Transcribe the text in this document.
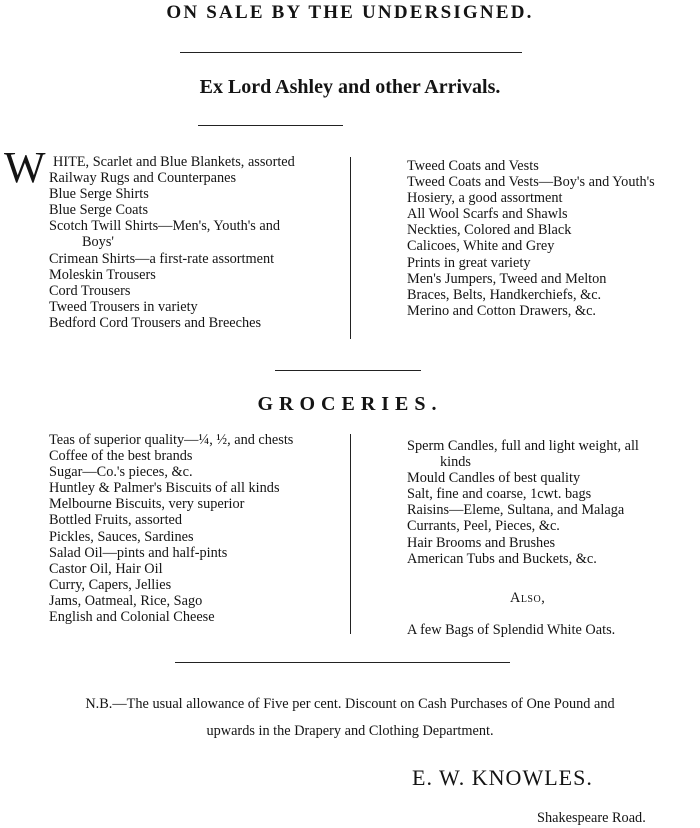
ON SALE BY THE UNDERSIGNED.
Ex Lord Ashley and other Arrivals.
W HITE, Scarlet and Blue Blankets, assorted
Railway Rugs and Counterpanes
Blue Serge Shirts
Blue Serge Coats
Scotch Twill Shirts—Men's, Youth's and
Boys'
Crimean Shirts—a first-rate assortment
Moleskin Trousers
Cord Trousers
Tweed Trousers in variety
Bedford Cord Trousers and Breeches
Tweed Coats and Vests
Tweed Coats and Vests—Boy's and Youth's
Hosiery, a good assortment
All Wool Scarfs and Shawls
Neckties, Colored and Black
Calicoes, White and Grey
Prints in great variety
Men's Jumpers, Tweed and Melton
Braces, Belts, Handkerchiefs, &c.
Merino and Cotton Drawers, &c.
GROCERIES.
Teas of superior quality—¼, ½, and chests
Coffee of the best brands
Sugar—Co.'s pieces, &c.
Huntley & Palmer's Biscuits of all kinds
Melbourne Biscuits, very superior
Bottled Fruits, assorted
Pickles, Sauces, Sardines
Salad Oil—pints and half-pints
Castor Oil, Hair Oil
Curry, Capers, Jellies
Jams, Oatmeal, Rice, Sago
English and Colonial Cheese
Sperm Candles, full and light weight, all
kinds
Mould Candles of best quality
Salt, fine and coarse, 1cwt. bags
Raisins—Eleme, Sultana, and Malaga
Currants, Peel, Pieces, &c.
Hair Brooms and Brushes
American Tubs and Buckets, &c.
Also,
A few Bags of Splendid White Oats.
N.B.—The usual allowance of Five per cent. Discount on Cash Purchases of One Pound and
upwards in the Drapery and Clothing Department.
E. W. KNOWLES.
Shakespeare Road.
